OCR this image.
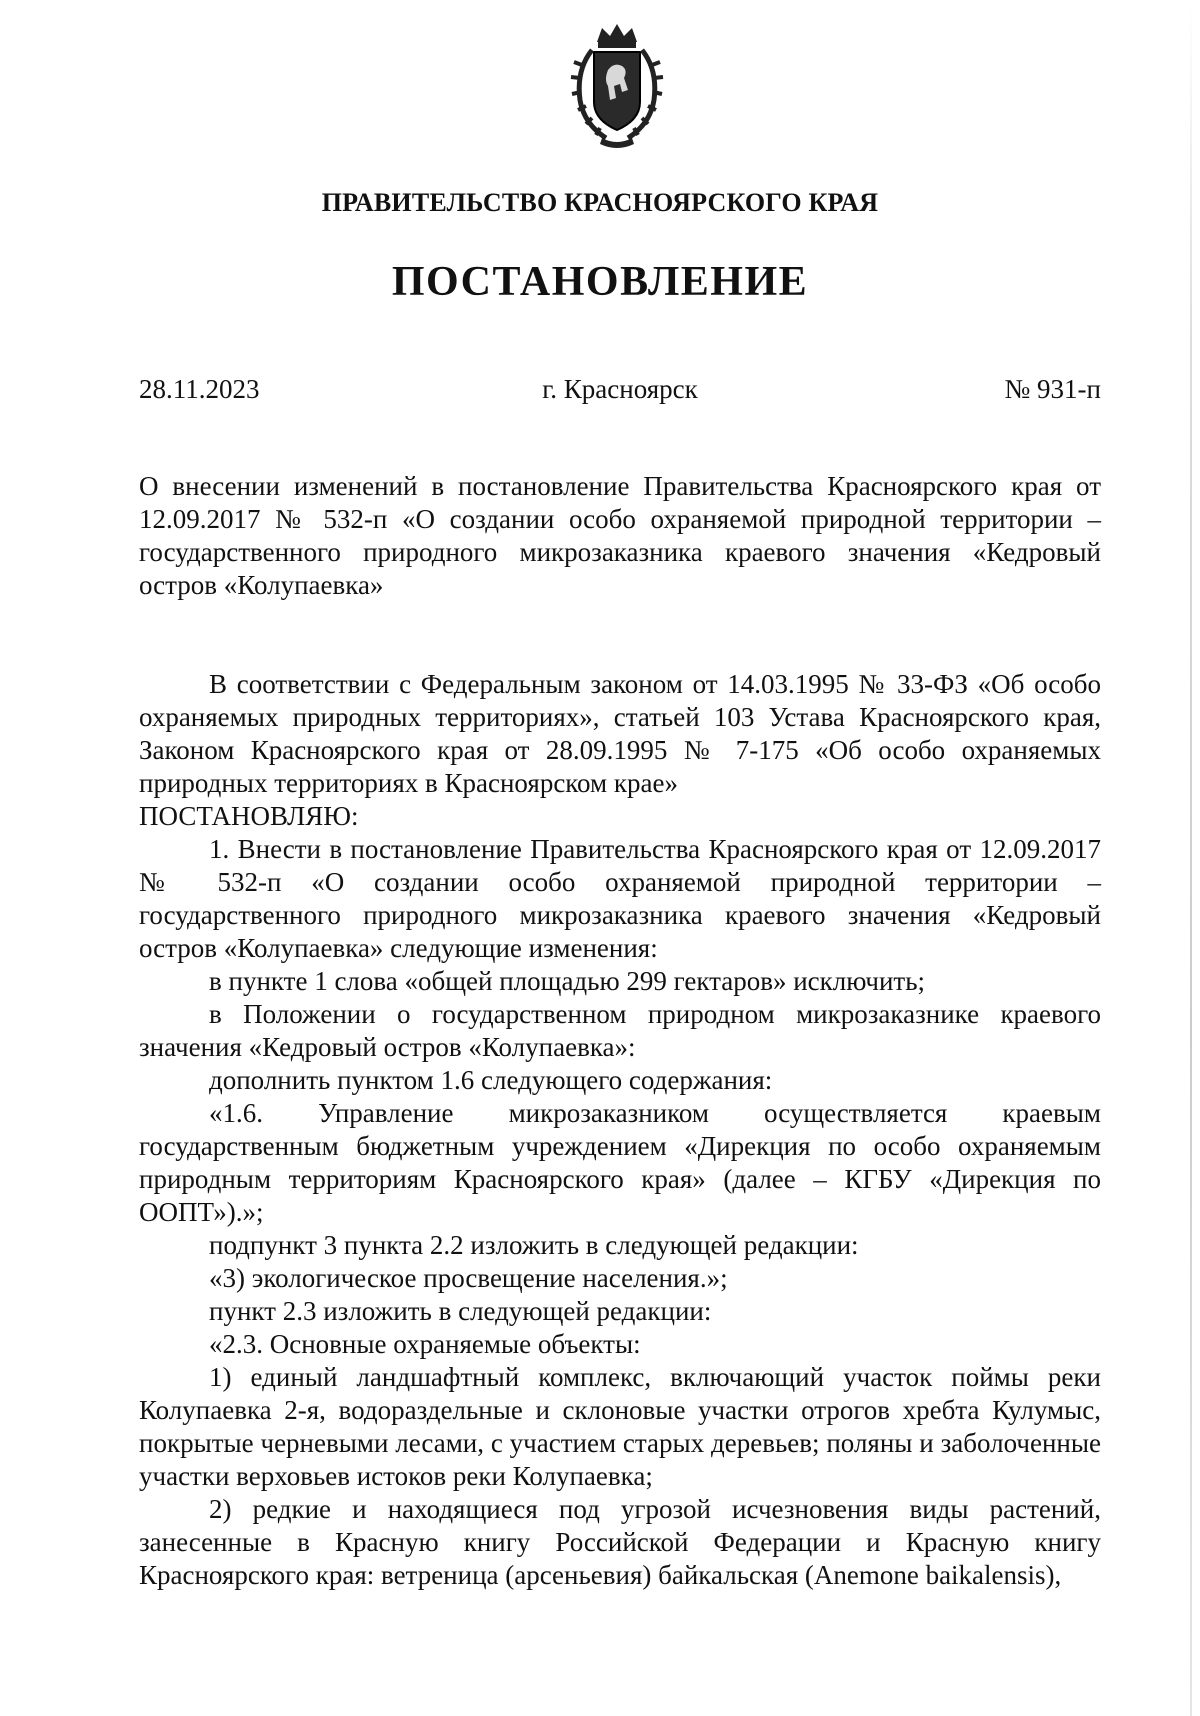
ПРАВИТЕЛЬСТВО КРАСНОЯРСКОГО КРАЯ
ПОСТАНОВЛЕНИЕ
28.11.2023	г. Красноярск	№ 931-п
О внесении изменений в постановление Правительства Красноярского края от 12.09.2017 № 532-п «О создании особо охраняемой природной территории – государственного природного микрозаказника краевого значения «Кедровый остров «Колупаевка»

В соответствии с Федеральным законом от 14.03.1995 № 33-ФЗ «Об особо охраняемых природных территориях», статьей 103 Устава Красноярского края, Законом Красноярского края от 28.09.1995 № 7-175 «Об особо охраняемых природных территориях в Красноярском крае»

ПОСТАНОВЛЯЮ:

1. Внести в постановление Правительства Красноярского края от 12.09.2017 № 532-п «О создании особо охраняемой природной территории – государственного природного микрозаказника краевого значения «Кедровый остров «Колупаевка» следующие изменения:

в пункте 1 слова «общей площадью 299 гектаров» исключить;

в Положении о государственном природном микрозаказнике краевого значения «Кедровый остров «Колупаевка»:

дополнить пунктом 1.6 следующего содержания:

«1.6. Управление микрозаказником осуществляется краевым государственным бюджетным учреждением «Дирекция по особо охраняемым природным территориям Красноярского края» (далее – КГБУ «Дирекция по ООПТ»).»;

подпункт 3 пункта 2.2 изложить в следующей редакции:

«3) экологическое просвещение населения.»;

пункт 2.3 изложить в следующей редакции:

«2.3. Основные охраняемые объекты:

1) единый ландшафтный комплекс, включающий участок поймы реки Колупаевка 2-я, водораздельные и склоновые участки отрогов хребта Кулумыс, покрытые черневыми лесами, с участием старых деревьев; поляны и заболоченные участки верховьев истоков реки Колупаевка;

2) редкие и находящиеся под угрозой исчезновения виды растений, занесенные в Красную книгу Российской Федерации и Красную книгу Красноярского края: ветреница (арсеньевия) байкальская (Anemone baikalensis),
